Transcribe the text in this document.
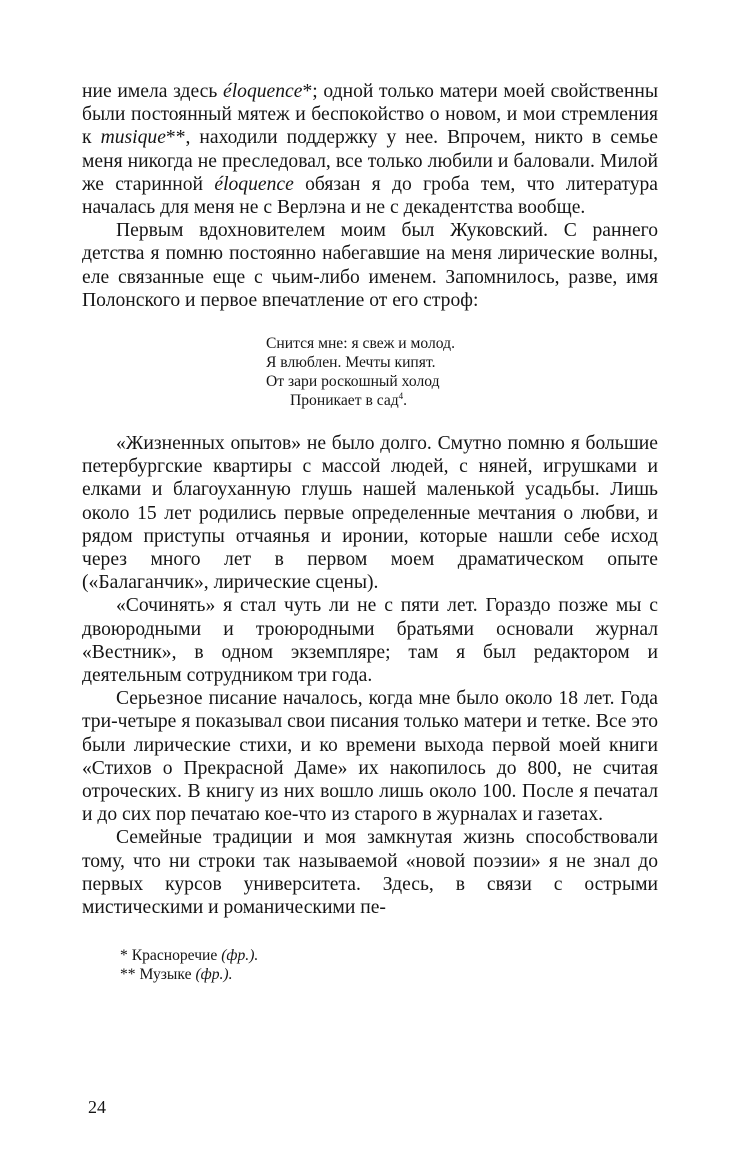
ние имела здесь éloquence*; одной только матери моей свойственны были постоянный мятеж и беспокойство о новом, и мои стремления к musique**, находили поддержку у нее. Впрочем, никто в семье меня никогда не преследовал, все только любили и баловали. Милой же старинной éloquence обязан я до гроба тем, что литература началась для меня не с Верлэна и не с декадентства вообще.

Первым вдохновителем моим был Жуковский. С раннего детства я помню постоянно набегавшие на меня лирические волны, еле связанные еще с чьим-либо именем. Запомнилось, разве, имя Полонского и первое впечатление от его строф:

Снится мне: я свеж и молод.
Я влюблен. Мечты кипят.
От зари роскошный холод
Проникает в сад$^4$.

«Жизненных опытов» не было долго. Смутно помню я большие петербургские квартиры с массой людей, с няней, игрушками и елками и благоуханную глушь нашей маленькой усадьбы. Лишь около 15 лет родились первые определенные мечтания о любви, и рядом приступы отчаянья и иронии, которые нашли себе исход через много лет в первом моем драматическом опыте («Балаганчик», лирические сцены).

«Сочинять» я стал чуть ли не с пяти лет. Гораздо позже мы с двоюродными и троюродными братьями основали журнал «Вестник», в одном экземпляре; там я был редактором и деятельным сотрудником три года.

Серьезное писание началось, когда мне было около 18 лет. Года три-четыре я показывал свои писания только матери и тетке. Все это были лирические стихи, и ко времени выхода первой моей книги «Стихов о Прекрасной Даме» их накопилось до 800, не считая отроческих. В книгу из них вошло лишь около 100. После я печатал и до сих пор печатаю кое-что из старого в журналах и газетах.

Семейные традиции и моя замкнутая жизнь способствовали тому, что ни строки так называемой «новой поэзии» я не знал до первых курсов университета. Здесь, в связи с острыми мистическими и романическими пе-

* Красноречие (фр.).
** Музыке (фр.).
24
